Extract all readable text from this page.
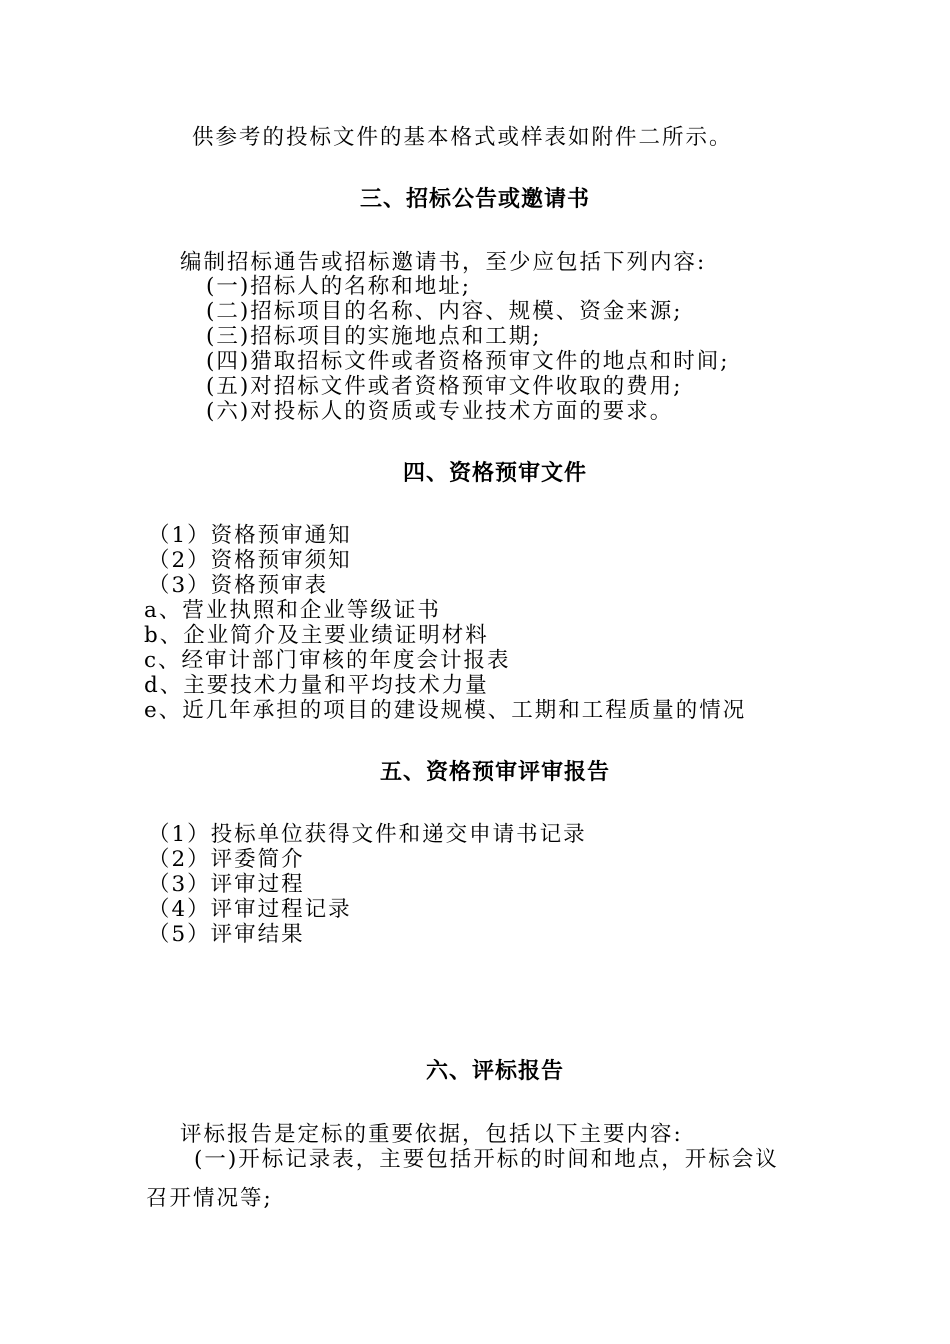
供参考的投标文件的基本格式或样表如附件二所示。
三、招标公告或邀请书
编制招标通告或招标邀请书，至少应包括下列内容:
(一)招标人的名称和地址;
(二)招标项目的名称、内容、规模、资金来源;
(三)招标项目的实施地点和工期;
(四)猎取招标文件或者资格预审文件的地点和时间;
(五)对招标文件或者资格预审文件收取的费用;
(六)对投标人的资质或专业技术方面的要求。
四、资格预审文件
（1）资格预审通知
（2）资格预审须知
（3）资格预审表
a、营业执照和企业等级证书
b、企业简介及主要业绩证明材料
c、经审计部门审核的年度会计报表
d、主要技术力量和平均技术力量
e、近几年承担的项目的建设规模、工期和工程质量的情况
五、资格预审评审报告
（1）投标单位获得文件和递交申请书记录
（2）评委简介
（3）评审过程
（4）评审过程记录
（5）评审结果
六、评标报告
评标报告是定标的重要依据，包括以下主要内容:
(一)开标记录表，主要包括开标的时间和地点，开标会议
召开情况等;
